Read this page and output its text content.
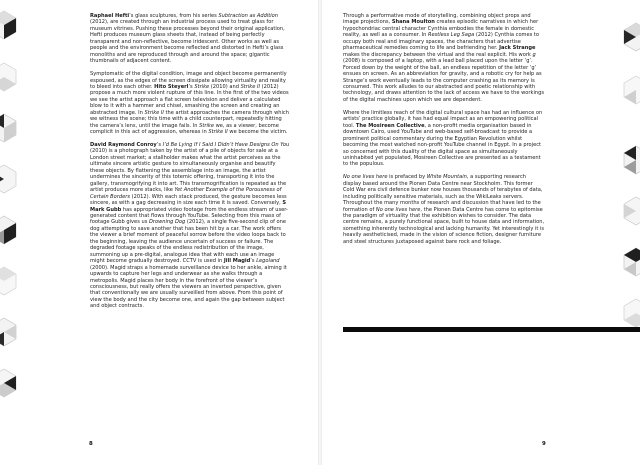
Raphael Hefti’s glass sculptures, from his series Subtraction as Addition (2012), are created through an industrial process used to treat glass for museum vitrines. Pushing these processes beyond their original application, Hefti produces museum glass sheets that, instead of being perfectly transparent and non-reflective, become iridescent. Other works as well as people and the environment become reflected and distorted in Hefti’s glass monoliths and are reproduced through and around the space; gigantic thumbnails of adjacent content.

Symptomatic of the digital condition, image and object become permanently espoused, as the edges of the screen dissipate allowing virtuality and reality to bleed into each other. Hito Steyerl’s Strike (2010) and Strike II (2012) propose a much more violent rupture of this line. In the first of the two videos we see the artist approach a flat screen television and deliver a calculated blow to it with a hammer and chisel, smashing the screen and creating an abstracted image. In Strike II the artist approaches the camera through which we witness the scene; this time with a child counterpart, repeatedly hitting the camera’s lens, until the image fails. In Strike we, as a viewer, become complicit in this act of aggression, whereas in Strike II we become the victim.

David Raymond Conroy’s I’d Be Lying If I Said I Didn’t Have Designs On You (2010) is a photograph taken by the artist of a pile of objects for sale at a London street market; a stallholder makes what the artist perceives as the ultimate sincere artistic gesture to simultaneously organise and beautify these objects. By flattening the assemblage into an image, the artist undermines the sincerity of this totemic offering, transporting it into the gallery, transmogrifying it into art. This transmogrification is repeated as the artist produces more stacks, like Yet Another Example of the Porousness of Certain Borders (2012). With each stack produced, the gesture becomes less sincere, as with a gag decreasing in size each time it is saved. Conversely, S Mark Gubb has appropriated video footage from the endless stream of user-generated content that flows through YouTube. Selecting from this mass of footage Gubb gives us Drowning Dog (2012), a single five-second clip of one dog attempting to save another that has been hit by a car. The work offers the viewer a brief moment of peaceful sorrow before the video loops back to the beginning, leaving the audience uncertain of success or failure. The degraded footage speaks of the endless redistribution of the image, summoning up a pre-digital, analogue idea that with each use an image might become gradually destroyed. CCTV is used in Jill Magid’s Legoland (2000). Magid straps a homemade surveillance device to her ankle, aiming it upwards to capture her legs and underwear as she walks through a metropolis. Magid places her body in the forefront of the viewer’s consciousness, but really offers the viewers an inverted perspective, given that conventionally we are usually surveilled from above. From this point of view the body and the city become one, and again the gap between subject and object contracts.

Through a performative mode of storytelling, combining object props and image projections, Shana Moulton creates episodic narratives in which her hypochondriac central character Cynthia embodies the female in domestic reality, as well as a consumer. In Restless Leg Saga (2012) Cynthia comes to occupy both real and imaginary spaces, the characters that advertise pharmaceutical remedies coming to life and befriending her. Jack Strange makes the discrepancy between the virtual and the real explicit. His work g (2008) is composed of a laptop, with a lead ball placed upon the letter ‘g’. Forced down by the weight of the ball, an endless repetition of the letter ‘g’ ensues on screen. As an abbreviation for gravity, and a robotic cry for help as Strange’s work eventually leads to the computer crashing as its memory is consumed. This work alludes to our abstracted and poetic relationship with technology, and draws attention to the lack of access we have to the workings of the digital machines upon which we are dependent.

Where the limitless reach of the digital cultural space has had an influence on artists’ practice globally, it has had equal impact as an empowering political tool. The Mosireen Collective, a non-profit media organisation based in downtown Cairo, used YouTube and web-based self-broadcast to provide a prominent political commentary during the Egyptian Revolution whilst becoming the most watched non-profit YouTube channel in Egypt. In a project so concerned with this duality of the digital space as simultaneously uninhabited yet populated, Mosireen Collective are presented as a testament to the populous.

No one lives here is prefaced by White Mountain, a supporting research display based around the Pionen Data Centre near Stockholm. This former Cold War era civil defence bunker now houses thousands of terabytes of data, including politically sensitive materials, such as the WikiLeaks servers. Throughout the many months of research and discussion that have led to the formation of No one lives here, the Pionen Data Centre has come to epitomise the paradigm of virtuality that the exhibition wishes to consider. The data centre remains, a purely functional space, built to house data and information, something inherently technological and lacking humanity. Yet interestingly it is heavily aestheticised, made in the vision of science fiction, designer furniture and steel structures juxtaposed against bare rock and foliage.

8	9
